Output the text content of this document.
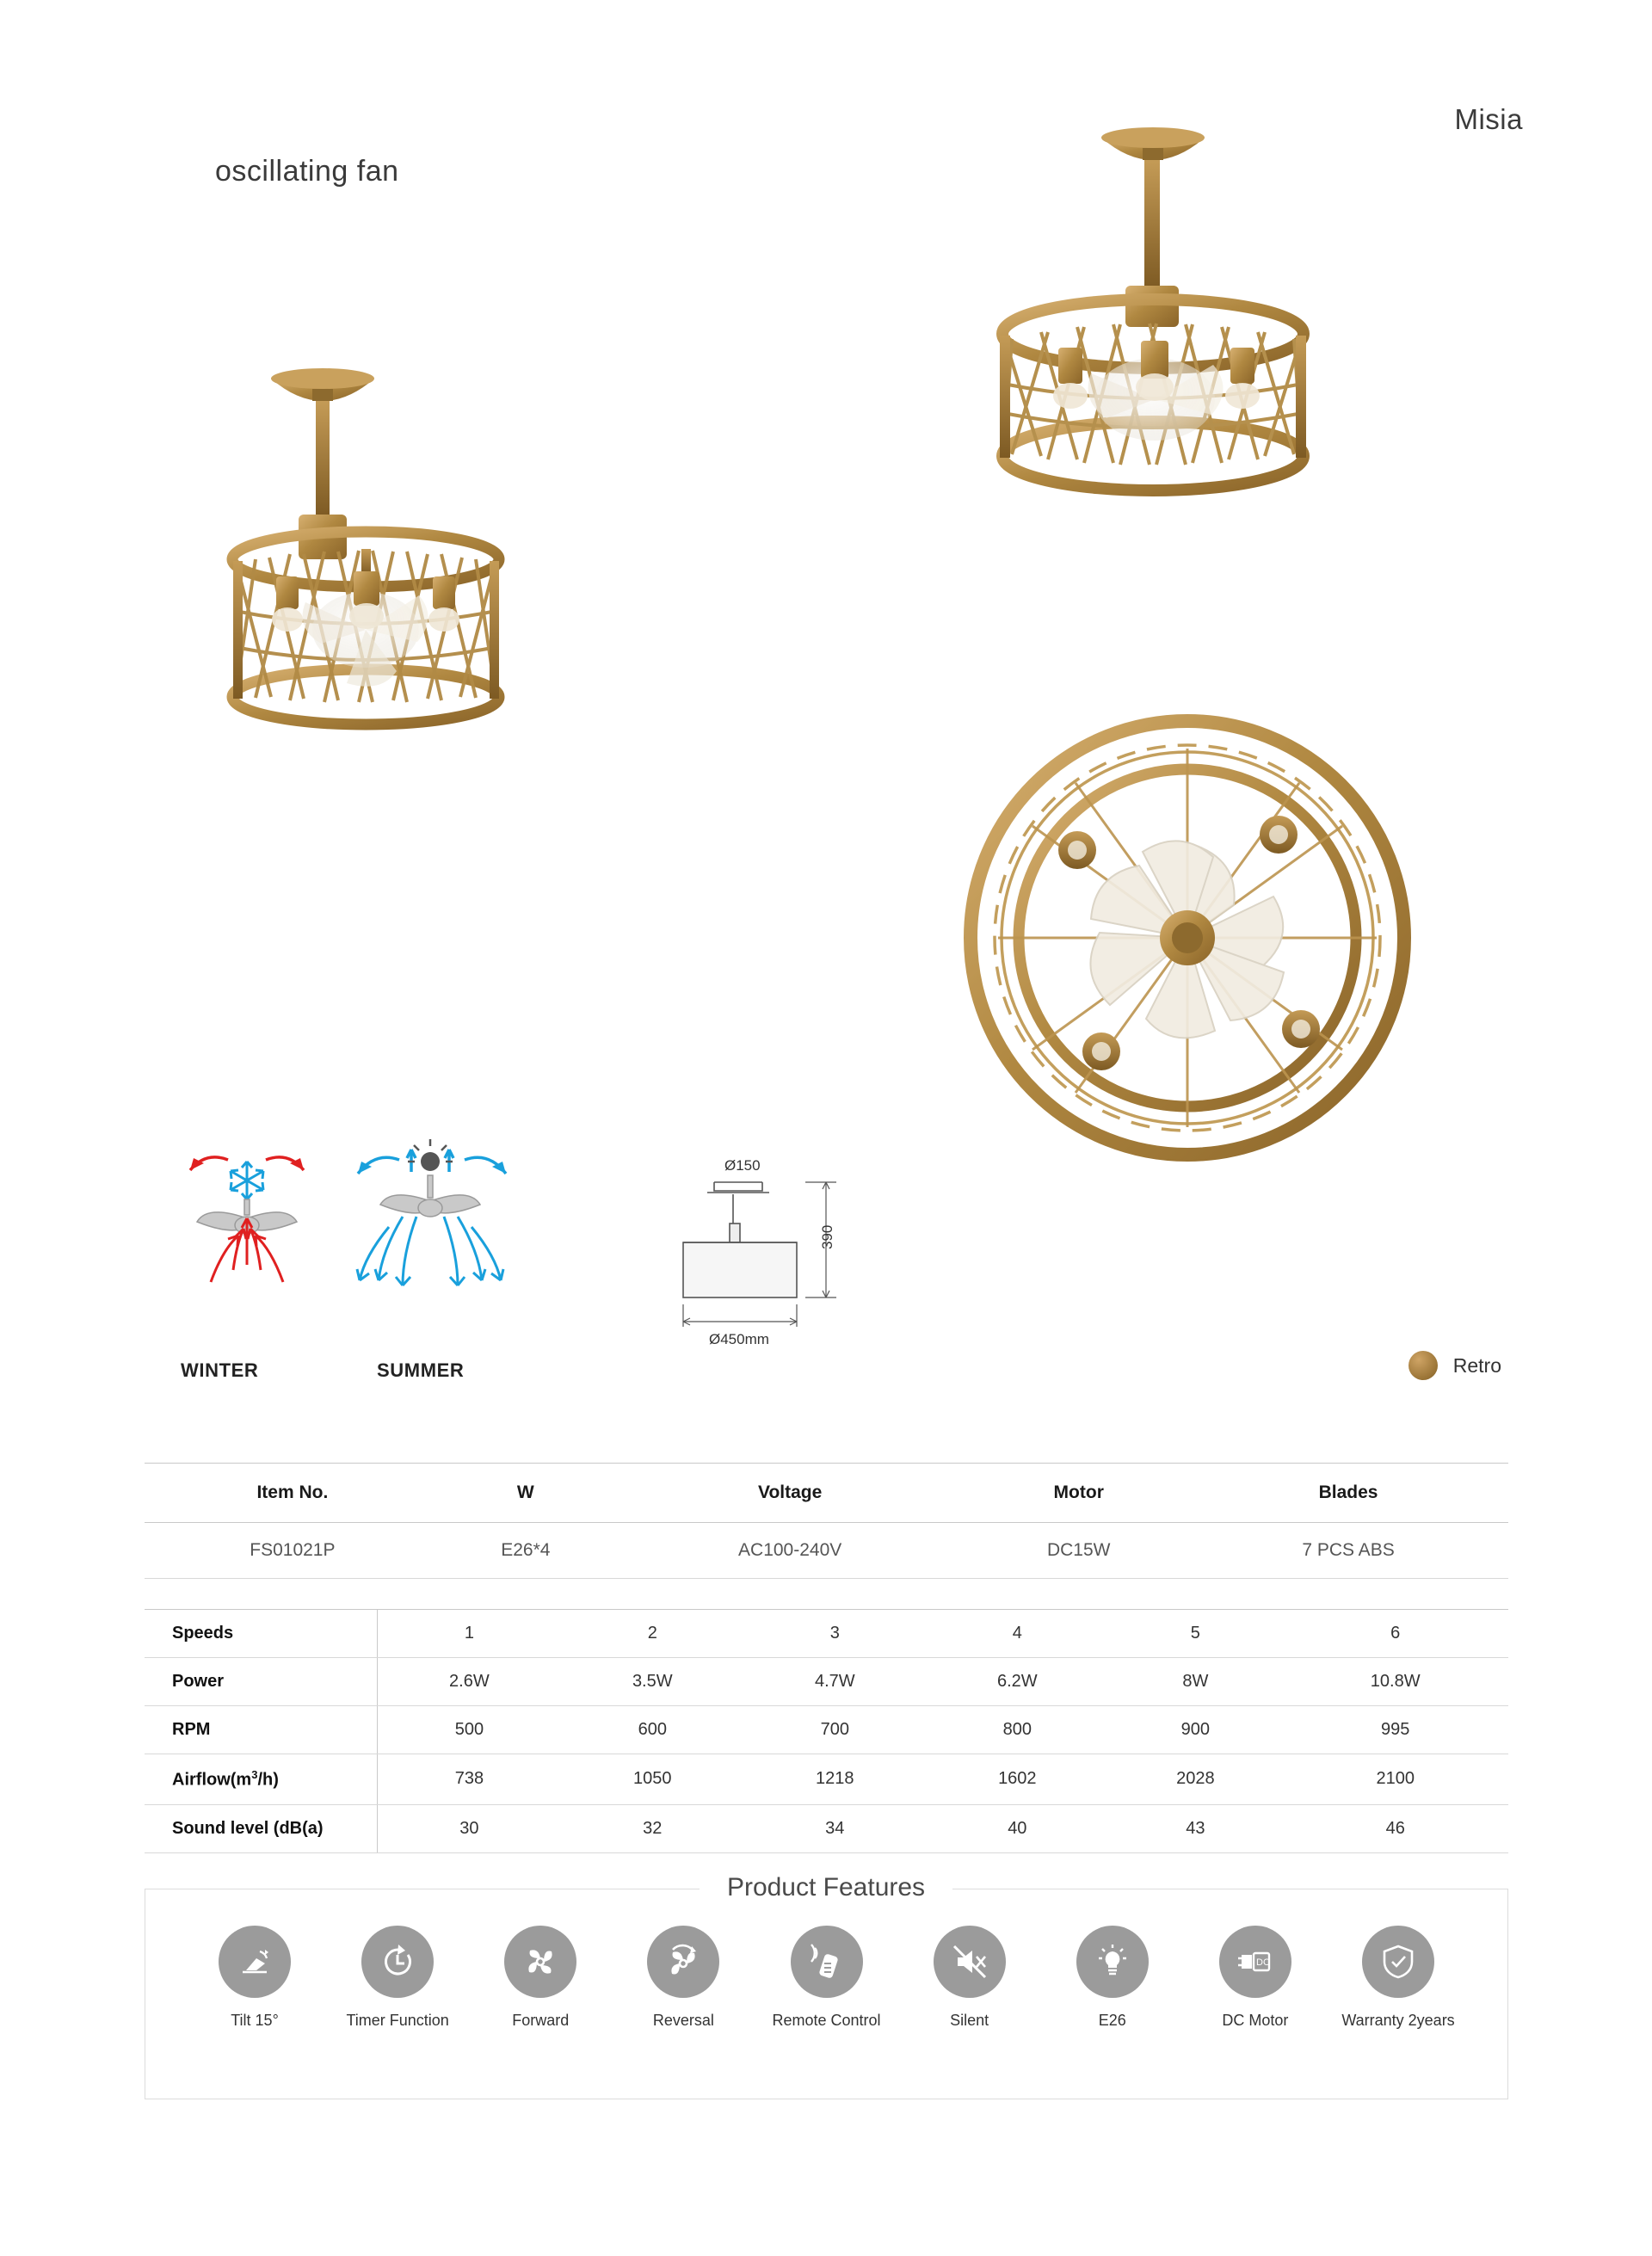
Misia
oscillating fan
WINTER	SUMMER
Ø150
390
Ø450mm
Retro
Item No.	W	Voltage	Motor	Blades
FS01021P	E26*4	AC100-240V	DC15W	7 PCS ABS
Speeds	1	2	3	4	5	6
Power	2.6W	3.5W	4.7W	6.2W	8W	10.8W
RPM	500	600	700	800	900	995
$Airflow(m^3/h)$	738	1050	1218	1602	2028	2100
Sound level (dB(a)	30	32	34	40	43	46
Tilt 15°	Timer Function	Forward	Reversal	Remote Control	Silent	E26
DC
DC Motor	Warranty 2years
Product Features
